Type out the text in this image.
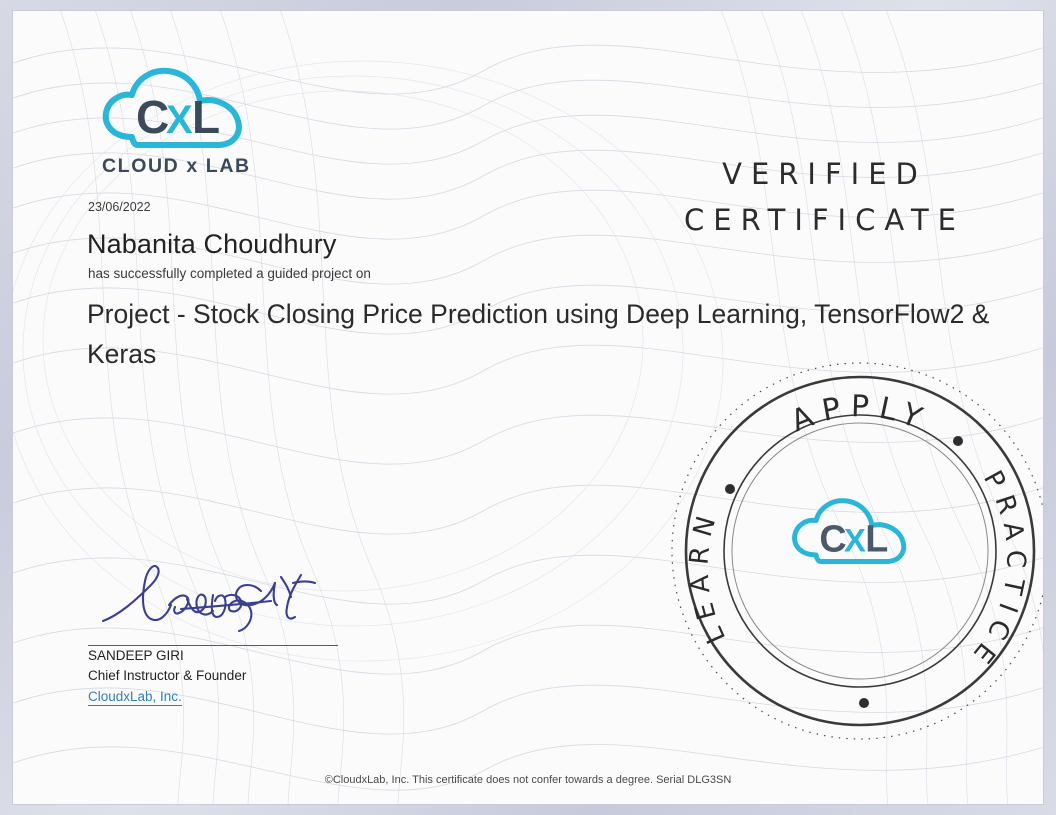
C
X L
CLOUD x LAB
23/06/2022
Nabanita Choudhury
has successfully completed a guided project on
Project - Stock Closing Price Prediction using Deep Learning, TensorFlow2 & Keras
VERIFIED
CERTIFICATE
SANDEEP GIRI
Chief Instructor & Founder
CloudxLab, Inc.
APPLY
PRACTICE
LEARN C
X L
©CloudxLab, Inc. This certificate does not confer towards a degree. Serial DLG3SN
